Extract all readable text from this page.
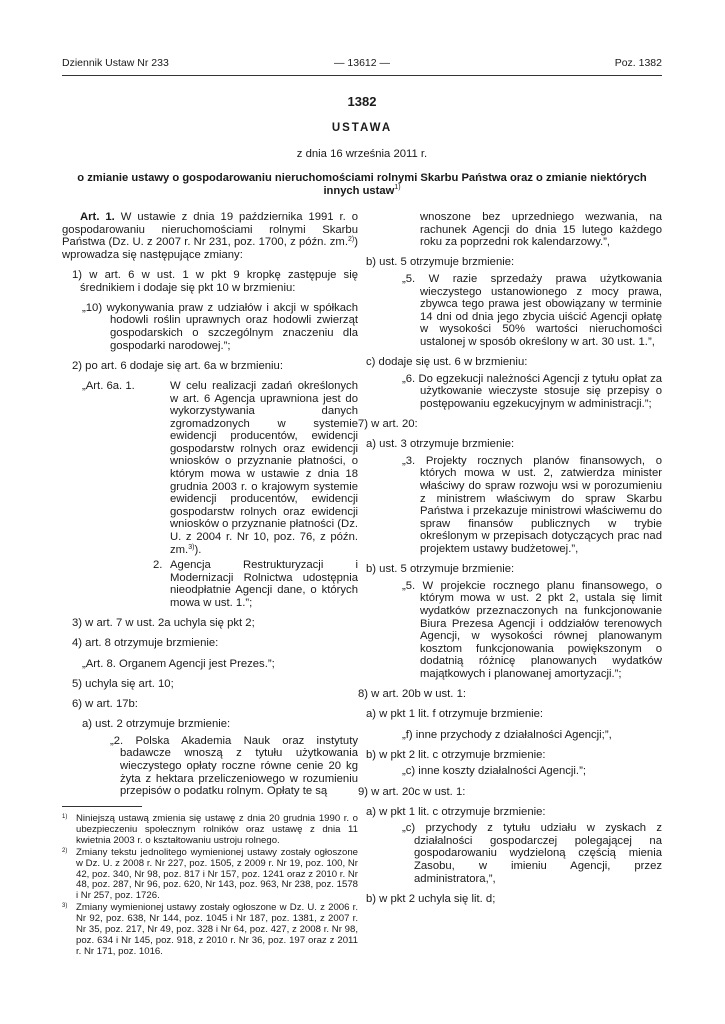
Dziennik Ustaw Nr 233	— 13612 —	Poz. 1382
1382
USTAWA
z dnia 16 września 2011 r.
o zmianie ustawy o gospodarowaniu nieruchomościami rolnymi Skarbu Państwa oraz o zmianie niektórych innych ustaw$^{1)}$

Art. 1. W ustawie z dnia 19 października 1991 r. o gospodarowaniu nieruchomościami rolnymi Skarbu Państwa (Dz. U. z 2007 r. Nr 231, poz. 1700, z późn. zm.$^{2)}$) wprowadza się następujące zmiany:

1) w art. 6 w ust. 1 w pkt 9 kropkę zastępuje się średnikiem i dodaje się pkt 10 w brzmieniu:

„10) wykonywania praw z udziałów i akcji w spółkach hodowli roślin uprawnych oraz hodowli zwierząt gospodarskich o szczególnym znaczeniu dla gospodarki narodowej.”;

2) po art. 6 dodaje się art. 6a w brzmieniu:

„Art. 6a. 1.	W celu realizacji zadań określonych w art. 6 Agencja uprawniona jest do wykorzystywania danych zgromadzonych w systemie ewidencji producentów, ewidencji gospodarstw rolnych oraz ewidencji wniosków o przyznanie płatności, o którym mowa w ustawie z dnia 18 grudnia 2003 r. o krajowym systemie ewidencji producentów, ewidencji gospodarstw rolnych oraz ewidencji wniosków o przyznanie płatności (Dz. U. z 2004 r. Nr 10, poz. 76, z późn. zm.$^{3)}$).
2. Agencja Restrukturyzacji i Modernizacji Rolnictwa udostępnia nieodpłatnie Agencji dane, o których mowa w ust. 1.”;

3) w art. 7 w ust. 2a uchyla się pkt 2;

4) art. 8 otrzymuje brzmienie:

„Art. 8. Organem Agencji jest Prezes.”;

5) uchyla się art. 10;

6) w art. 17b:

a) ust. 2 otrzymuje brzmienie:

„2. Polska Akademia Nauk oraz instytuty badawcze wnoszą z tytułu użytkowania wieczystego opłaty roczne równe cenie 20 kg żyta z hektara przeliczeniowego w rozumieniu przepisów o podatku rolnym. Opłaty te są

wnoszone bez uprzedniego wezwania, na rachunek Agencji do dnia 15 lutego każdego roku za poprzedni rok kalendarzowy.”,

b) ust. 5 otrzymuje brzmienie:

„5. W razie sprzedaży prawa użytkowania wieczystego ustanowionego z mocy prawa, zbywca tego prawa jest obowiązany w terminie 14 dni od dnia jego zbycia uiścić Agencji opłatę w wysokości 50% wartości nieruchomości ustalonej w sposób określony w art. 30 ust. 1.”,

c) dodaje się ust. 6 w brzmieniu:

„6. Do egzekucji należności Agencji z tytułu opłat za użytkowanie wieczyste stosuje się przepisy o postępowaniu egzekucyjnym w administracji.”;

7) w art. 20:

a) ust. 3 otrzymuje brzmienie:

„3. Projekty rocznych planów finansowych, o których mowa w ust. 2, zatwierdza minister właściwy do spraw rozwoju wsi w porozumieniu z ministrem właściwym do spraw Skarbu Państwa i przekazuje ministrowi właściwemu do spraw finansów publicznych w trybie określonym w przepisach dotyczących prac nad projektem ustawy budżetowej.”,

b) ust. 5 otrzymuje brzmienie:

„5. W projekcie rocznego planu finansowego, o którym mowa w ust. 2 pkt 2, ustala się limit wydatków przeznaczonych na funkcjonowanie Biura Prezesa Agencji i oddziałów terenowych Agencji, w wysokości równej planowanym kosztom funkcjonowania powiększonym o dodatnią różnicę planowanych wydatków majątkowych i planowanej amortyzacji.”;

8) w art. 20b w ust. 1:

a) w pkt 1 lit. f otrzymuje brzmienie:

„f) inne przychody z działalności Agencji;”,

b) w pkt 2 lit. c otrzymuje brzmienie:

„c) inne koszty działalności Agencji.”;

9) w art. 20c w ust. 1:

a) w pkt 1 lit. c otrzymuje brzmienie:

„c) przychody z tytułu udziału w zyskach z działalności gospodarczej polegającej na gospodarowaniu wydzieloną częścią mienia Zasobu, w imieniu Agencji, przez administratora,”,

b) w pkt 2 uchyla się lit. d;

$^{1)}$ Niniejszą ustawą zmienia się ustawę z dnia 20 grudnia 1990 r. o ubezpieczeniu społecznym rolników oraz ustawę z dnia 11 kwietnia 2003 r. o kształtowaniu ustroju rolnego.
$^{2)}$ Zmiany tekstu jednolitego wymienionej ustawy zostały ogłoszone w Dz. U. z 2008 r. Nr 227, poz. 1505, z 2009 r. Nr 19, poz. 100, Nr 42, poz. 340, Nr 98, poz. 817 i Nr 157, poz. 1241 oraz z 2010 r. Nr 48, poz. 287, Nr 96, poz. 620, Nr 143, poz. 963, Nr 238, poz. 1578 i Nr 257, poz. 1726.
$^{3)}$ Zmiany wymienionej ustawy zostały ogłoszone w Dz. U. z 2006 r. Nr 92, poz. 638, Nr 144, poz. 1045 i Nr 187, poz. 1381, z 2007 r. Nr 35, poz. 217, Nr 49, poz. 328 i Nr 64, poz. 427, z 2008 r. Nr 98, poz. 634 i Nr 145, poz. 918, z 2010 r. Nr 36, poz. 197 oraz z 2011 r. Nr 171, poz. 1016.
